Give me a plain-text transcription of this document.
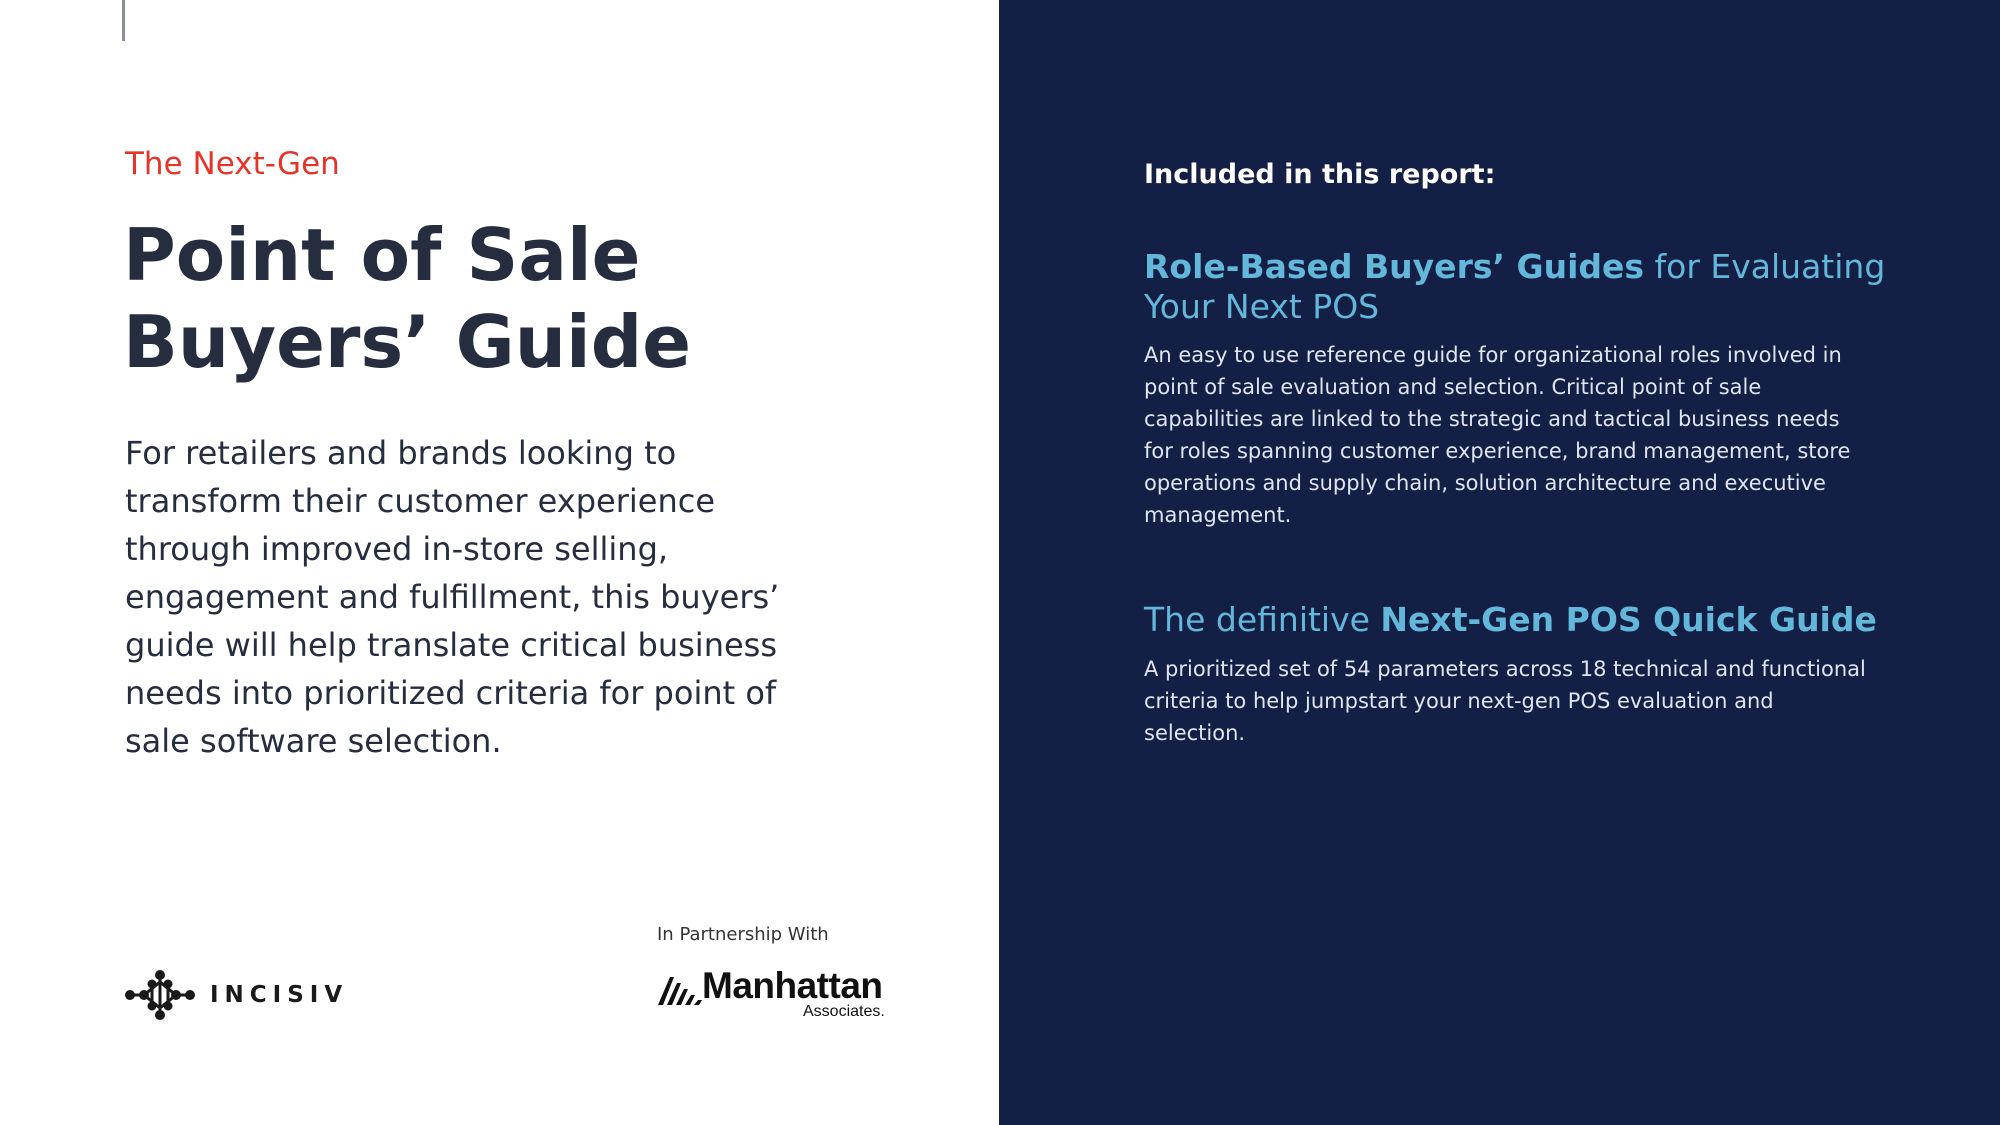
The Next-Gen
Point of Sale
Buyers’ Guide
For retailers and brands looking to transform their customer experience through improved in-store selling, engagement and fulfillment, this buyers’ guide will help translate critical business needs into prioritized criteria for point of sale software selection.
INCISIV
In Partnership With
Manhattan
Associates.
Included in this report:
Role-Based Buyers’ Guides for Evaluating Your Next POS
An easy to use reference guide for organizational roles involved in point of sale evaluation and selection. Critical point of sale capabilities are linked to the strategic and tactical business needs for roles spanning customer experience, brand management, store operations and supply chain, solution architecture and executive management.
The definitive Next-Gen POS Quick Guide
A prioritized set of 54 parameters across 18 technical and functional criteria to help jumpstart your next-gen POS evaluation and selection.
